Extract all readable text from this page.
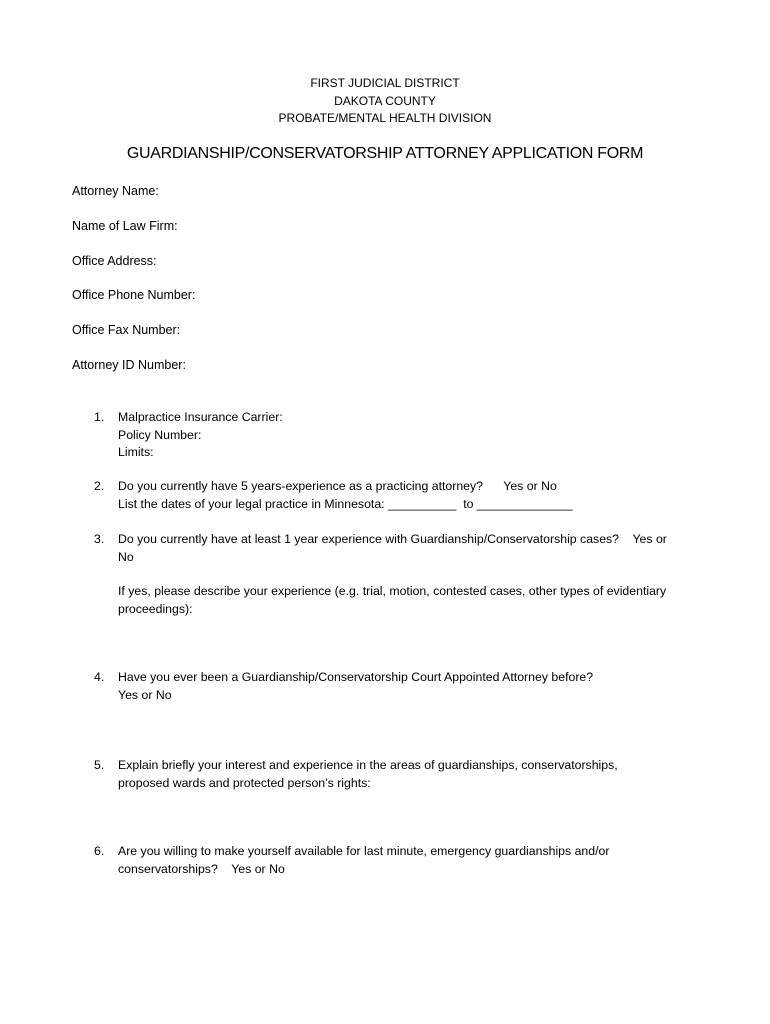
FIRST JUDICIAL DISTRICT
DAKOTA COUNTY
PROBATE/MENTAL HEALTH DIVISION
GUARDIANSHIP/CONSERVATORSHIP ATTORNEY APPLICATION FORM
Attorney Name:
Name of Law Firm:
Office Address:
Office Phone Number:
Office Fax Number:
Attorney ID Number:
1. Malpractice Insurance Carrier:
Policy Number:
Limits:
2. Do you currently have 5 years-experience as a practicing attorney?      Yes or No
List the dates of your legal practice in Minnesota: __________  to ______________
3. Do you currently have at least 1 year experience with Guardianship/Conservatorship cases?    Yes or
No
If yes, please describe your experience (e.g. trial, motion, contested cases, other types of evidentiary
proceedings):
4. Have you ever been a Guardianship/Conservatorship Court Appointed Attorney before?
Yes or No
5. Explain briefly your interest and experience in the areas of guardianships, conservatorships,
proposed wards and protected person’s rights:
6. Are you willing to make yourself available for last minute, emergency guardianships and/or
conservatorships?    Yes or No
